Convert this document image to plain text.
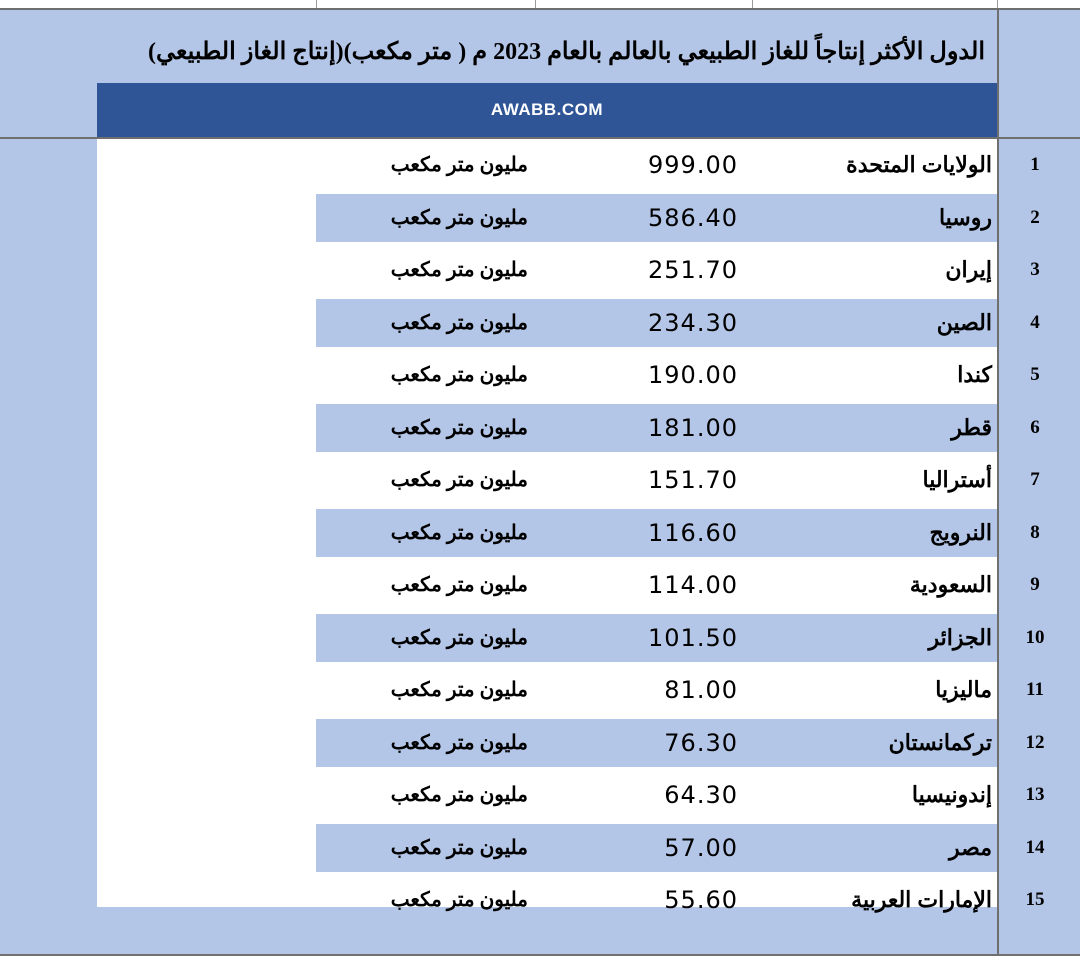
الدول الأكثر إنتاجاً للغاز الطبيعي بالعالم بالعام 2023 م ( متر مكعب)(إنتاج الغاز الطبيعي)
AWABB.COM
1
الولايات المتحدة
999.00
مليون متر مكعب
2
روسيا
586.40
مليون متر مكعب
3
إيران
251.70
مليون متر مكعب
4
الصين
234.30
مليون متر مكعب
5
كندا
190.00
مليون متر مكعب
6
قطر
181.00
مليون متر مكعب
7
أستراليا
151.70
مليون متر مكعب
8
النرويج
116.60
مليون متر مكعب
9
السعودية
114.00
مليون متر مكعب
10
الجزائر
101.50
مليون متر مكعب
11
ماليزيا
81.00
مليون متر مكعب
12
تركمانستان
76.30
مليون متر مكعب
13
إندونيسيا
64.30
مليون متر مكعب
14
مصر
57.00
مليون متر مكعب
15
الإمارات العربية
55.60
مليون متر مكعب
